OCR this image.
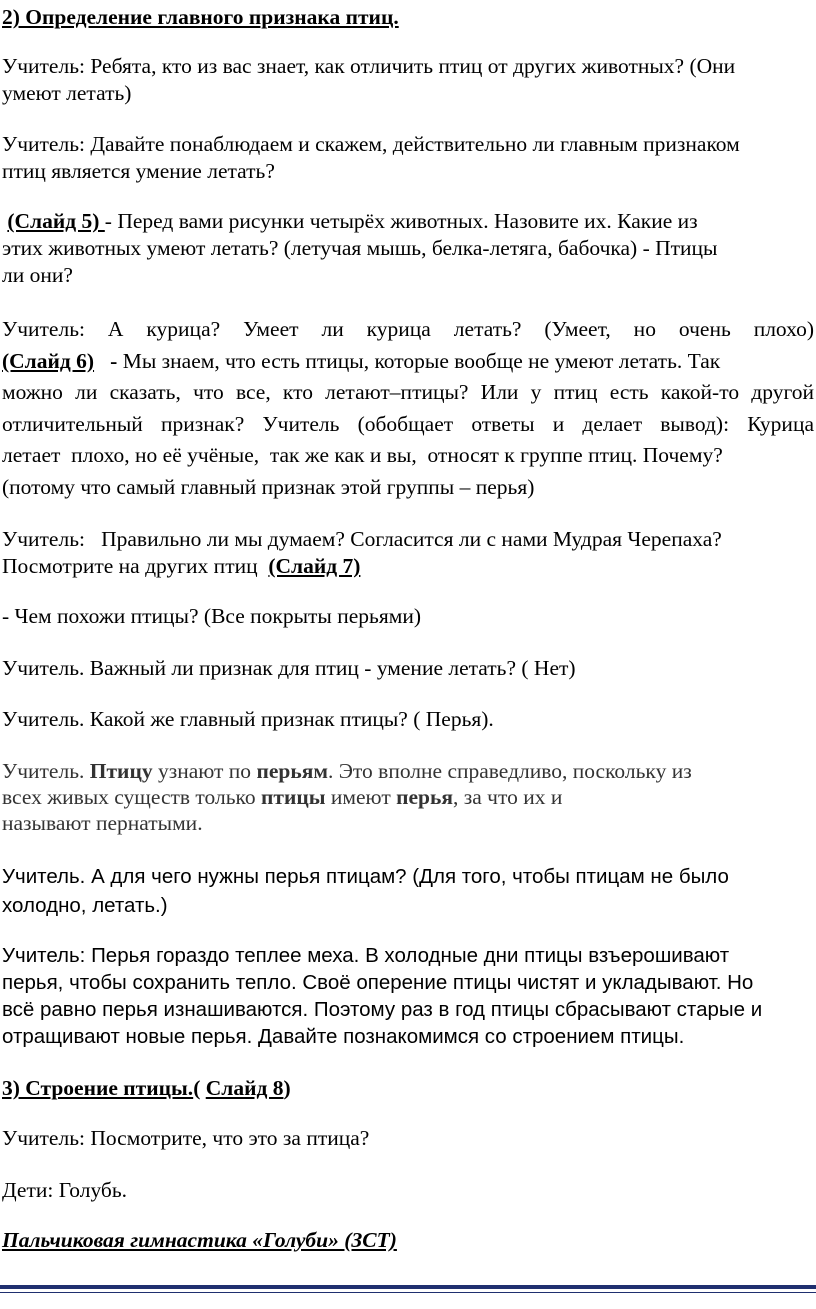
2) Определение главного признака птиц.
Учитель: Ребята, кто из вас знает, как отличить птиц от других животных? (Они
умеют летать)
Учитель: Давайте понаблюдаем и скажем, действительно ли главным признаком
птиц является умение летать?
(Слайд 5) - Перед вами рисунки четырёх животных. Назовите их. Какие из
этих животных умеют летать? (летучая мышь, белка-летяга, бабочка) - Птицы
ли они?
Учитель:   А   курица?   Умеет   ли   курица   летать?   (Умеет,   но   очень   плохо)
(Слайд 6)   - Мы знаем, что есть птицы, которые вообще не умеют летать. Так
можно ли сказать, что все, кто летают–птицы? Или у птиц есть какой-то другой
отличительный признак? Учитель (обобщает ответы и делает вывод): Курица
летает  плохо, но её учёные,  так же как и вы,  относят к группе птиц. Почему?
(потому что самый главный признак этой группы – перья)
Учитель:   Правильно ли мы думаем? Согласится ли с нами Мудрая Черепаха?
Посмотрите на других птиц  (Слайд 7)
- Чем похожи птицы? (Все покрыты перьями)
Учитель. Важный ли признак для птиц - умение летать? ( Нет)
Учитель. Какой же главный признак птицы? ( Перья).
Учитель. Птицу узнают по перьям. Это вполне справедливо, поскольку из
всех живых существ только птицы имеют перья, за что их и
называют пернатыми.
Учитель. А для чего нужны перья птицам? (Для того, чтобы птицам не было
холодно, летать.)
Учитель: Перья гораздо теплее меха. В холодные дни птицы взъерошивают
перья, чтобы сохранить тепло. Своё оперение птицы чистят и укладывают. Но
всё равно перья изнашиваются. Поэтому раз в год птицы сбрасывают старые и
отращивают новые перья. Давайте познакомимся со строением птицы.
3) Строение птицы.( Слайд 8)
Учитель: Посмотрите, что это за птица?
Дети: Голубь.
Пальчиковая гимнастика «Голуби» (ЗСТ)
